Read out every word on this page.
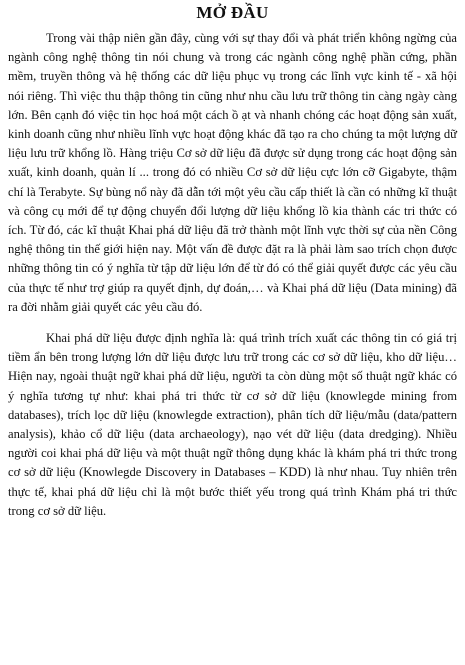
MỞ ĐẦU

Trong vài thập niên gần đây, cùng với sự thay đổi và phát triển không ngừng của ngành công nghệ thông tin nói chung và trong các ngành công nghệ phần cứng, phần mềm, truyền thông và hệ thống các dữ liệu phục vụ trong các lĩnh vực kinh tế - xã hội nói riêng. Thì việc thu thập thông tin cũng như nhu cầu lưu trữ thông tin càng ngày càng lớn. Bên cạnh đó việc tin học hoá một cách ồ ạt và nhanh chóng các hoạt động sản xuất, kinh doanh cũng như nhiều lĩnh vực hoạt động khác đã tạo ra cho chúng ta một lượng dữ liệu lưu trữ khổng lồ. Hàng triệu Cơ sở dữ liệu đã được sử dụng trong các hoạt động sản xuất, kinh doanh, quản lí ... trong đó có nhiều Cơ sở dữ liệu cực lớn cỡ Gigabyte, thậm chí là Terabyte. Sự bùng nổ này đã dẫn tới một yêu cầu cấp thiết là cần có những kĩ thuật và công cụ mới để tự động chuyển đổi lượng dữ liệu khổng lồ kia thành các tri thức có ích. Từ đó, các kĩ thuật Khai phá dữ liệu đã trở thành một lĩnh vực thời sự của nền Công nghệ thông tin thế giới hiện nay. Một vấn đề được đặt ra là phải làm sao trích chọn được những thông tin có ý nghĩa từ tập dữ liệu lớn để từ đó có thể giải quyết được các yêu cầu của thực tế như trợ giúp ra quyết định, dự đoán,… và Khai phá dữ liệu (Data mining) đã ra đời nhằm giải quyết các yêu cầu đó.

Khai phá dữ liệu được định nghĩa là: quá trình trích xuất các thông tin có giá trị tiềm ẩn bên trong lượng lớn dữ liệu được lưu trữ trong các cơ sở dữ liệu, kho dữ liệu…Hiện nay, ngoài thuật ngữ khai phá dữ liệu, người ta còn dùng một số thuật ngữ khác có ý nghĩa tương tự như: khai phá tri thức từ cơ sở dữ liệu (knowlegde mining from databases), trích lọc dữ liệu (knowlegde extraction), phân tích dữ liệu/mẫu (data/pattern analysis), khảo cổ dữ liệu (data archaeology), nạo vét dữ liệu (data dredging). Nhiều người coi khai phá dữ liệu và một thuật ngữ thông dụng khác là khám phá tri thức trong cơ sở dữ liệu (Knowlegde Discovery in Databases – KDD) là như nhau. Tuy nhiên trên thực tế, khai phá dữ liệu chỉ là một bước thiết yếu trong quá trình Khám phá tri thức trong cơ sở dữ liệu.
